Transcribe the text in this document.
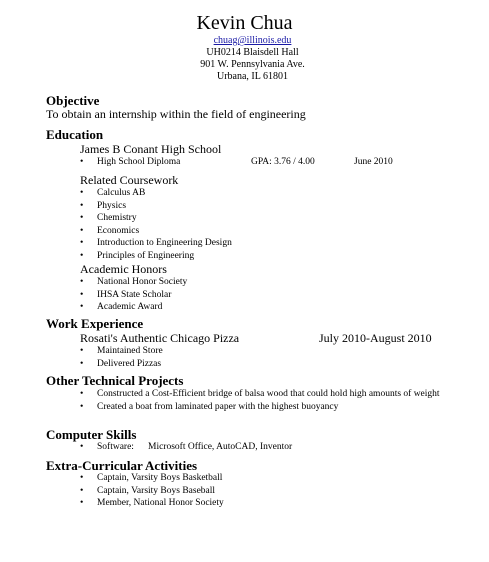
Kevin Chua
chuag@illinois.edu
UH0214 Blaisdell Hall
901 W. Pennsylvania Ave.
Urbana, IL 61801
Objective
To obtain an internship within the field of engineering
Education
James B Conant High School
• High School Diploma	GPA: 3.76 / 4.00	June 2010
Related Coursework
• Calculus AB
• Physics
• Chemistry
• Economics
• Introduction to Engineering Design
• Principles of Engineering
Academic Honors
• National Honor Society
• IHSA State Scholar
• Academic Award
Work Experience
Rosati's Authentic Chicago Pizza	July 2010-August 2010
• Maintained Store
• Delivered Pizzas
Other Technical Projects
• Constructed a Cost-Efficient bridge of balsa wood that could hold high amounts of weight
• Created a boat from laminated paper with the highest buoyancy
Computer Skills
• Software: Microsoft Office, AutoCAD, Inventor
Extra-Curricular Activities
• Captain, Varsity Boys Basketball
• Captain, Varsity Boys Baseball
• Member, National Honor Society
